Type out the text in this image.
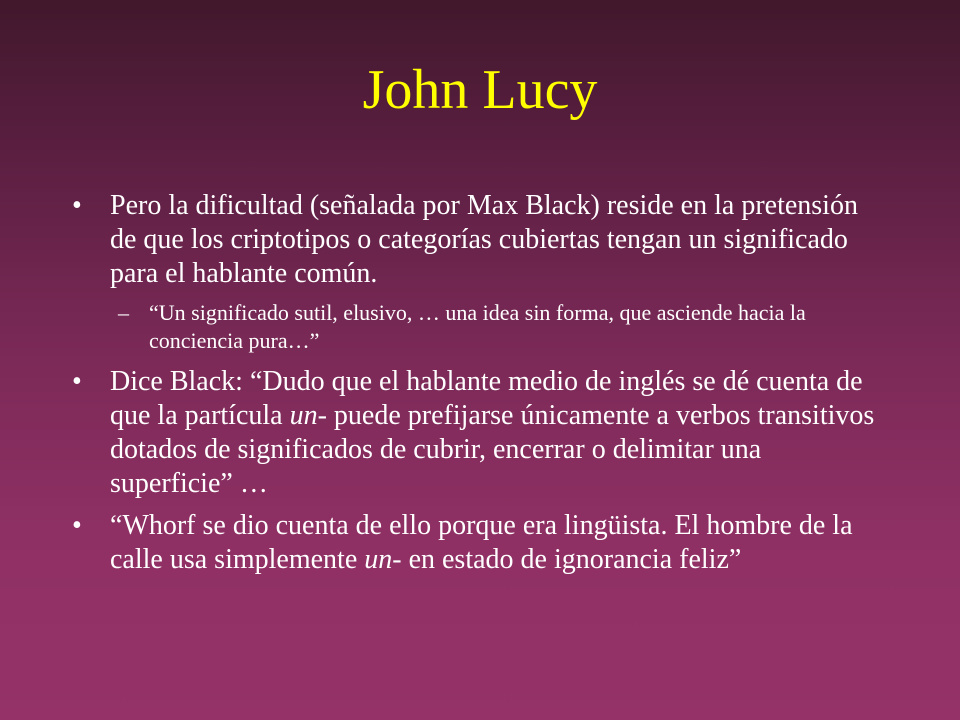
John Lucy
• Pero la dificultad (señalada por Max Black) reside en la pretensión de que los criptotipos o categorías cubiertas tengan un significado para el hablante común.
– “Un significado sutil, elusivo, … una idea sin forma, que asciende hacia la conciencia pura…”
• Dice Black: “Dudo que el hablante medio de inglés se dé cuenta de que la partícula un- puede prefijarse únicamente a verbos transitivos dotados de significados de cubrir, encerrar o delimitar una superficie” …
• “Whorf se dio cuenta de ello porque era lingüista. El hombre de la calle usa simplemente un- en estado de ignorancia feliz”
